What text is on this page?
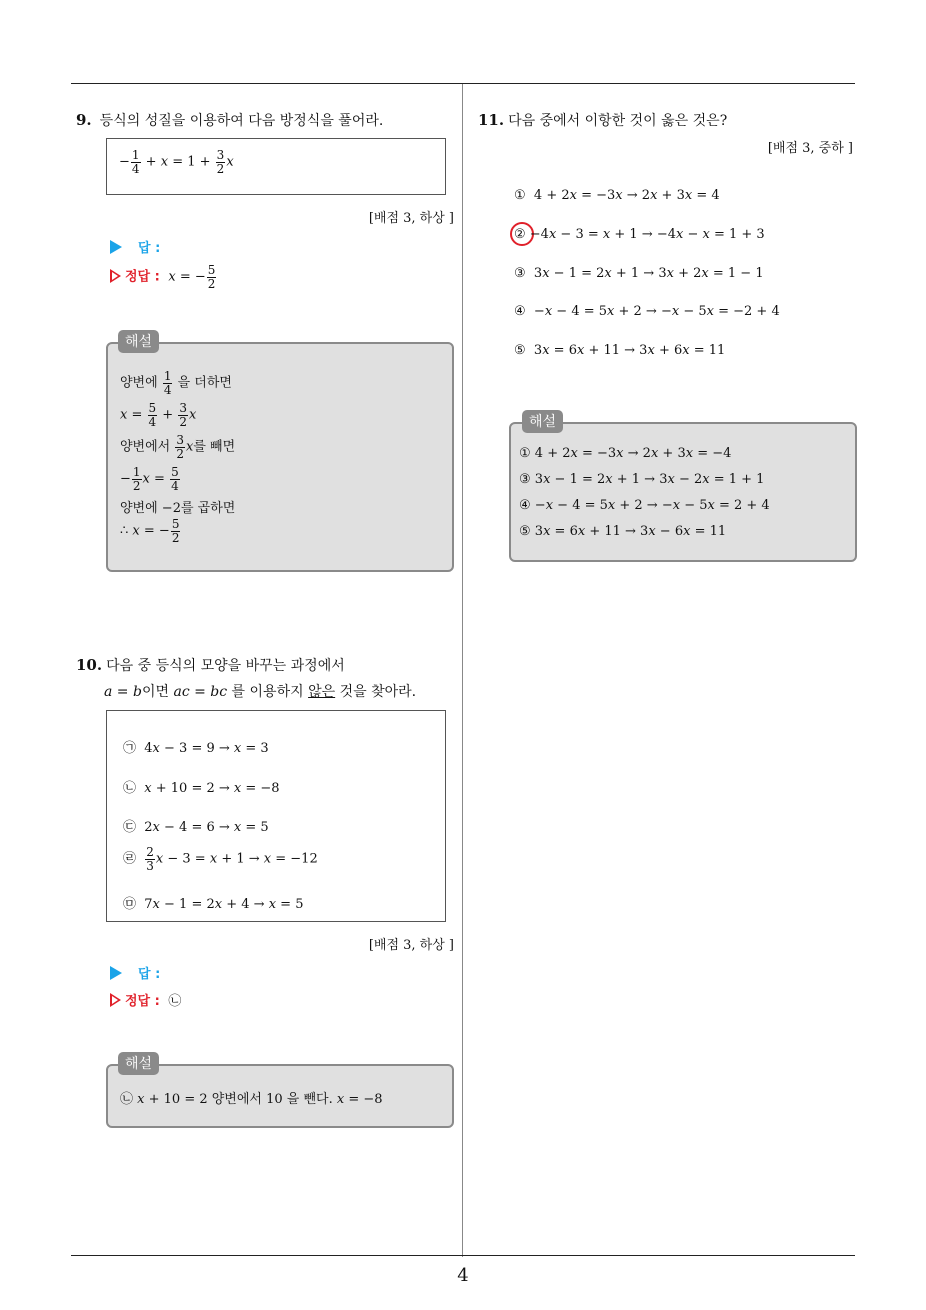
4
9. 등식의 성질을 이용하여 다음 방정식을 풀어라.
− $\frac{1}{4} + x = 1 + \frac{3}{2}$ x
[배점 3, 하상 ]
답 :
정답 : x = − $\frac{5}{2}$
양변에 $\frac{1}{4}$ 을 더하면
$x = \frac{5}{4} + \frac{3}{2}$ x
양변에서 $\frac{3}{2}$ x를 빼면
− $\frac{1}{2}$ $x = \frac{5}{4}$
양변에 −2를 곱하면
∴ x = − $\frac{5}{2}$
해설
10. 다음 중 등식의 모양을 바꾸는 과정에서
a = b이면 ac = bc 를 이용하지 않은 것을 찾아라.
㉠  4x − 3 = 9 → x = 3
㉡  x + 10 = 2 → x = −8
㉢  2x − 4 = 6 → x = 5
㉣ $\frac{2}{3}$ x − 3 = x + 1 → x = −12
㉤  7x − 1 = 2x + 4 → x = 5
[배점 3, 하상 ]
답 :
정답 : ㉡
㉡ x + 10 = 2 양변에서 10 을 뺀다. x = −8
해설
11. 다음 중에서 이항한 것이 옳은 것은?
[배점 3, 중하 ]
①  4 + 2x = −3x → 2x + 3x = 4
② −4x − 3 = x + 1 → −4x − x = 1 + 3
③  3x − 1 = 2x + 1 → 3x + 2x = 1 − 1
④  −x − 4 = 5x + 2 → −x − 5x = −2 + 4
⑤  3x = 6x + 11 → 3x + 6x = 11
① 4 + 2x = −3x → 2x + 3x = −4
③ 3x − 1 = 2x + 1 → 3x − 2x = 1 + 1
④ −x − 4 = 5x + 2 → −x − 5x = 2 + 4
⑤ 3x = 6x + 11 → 3x − 6x = 11
해설
